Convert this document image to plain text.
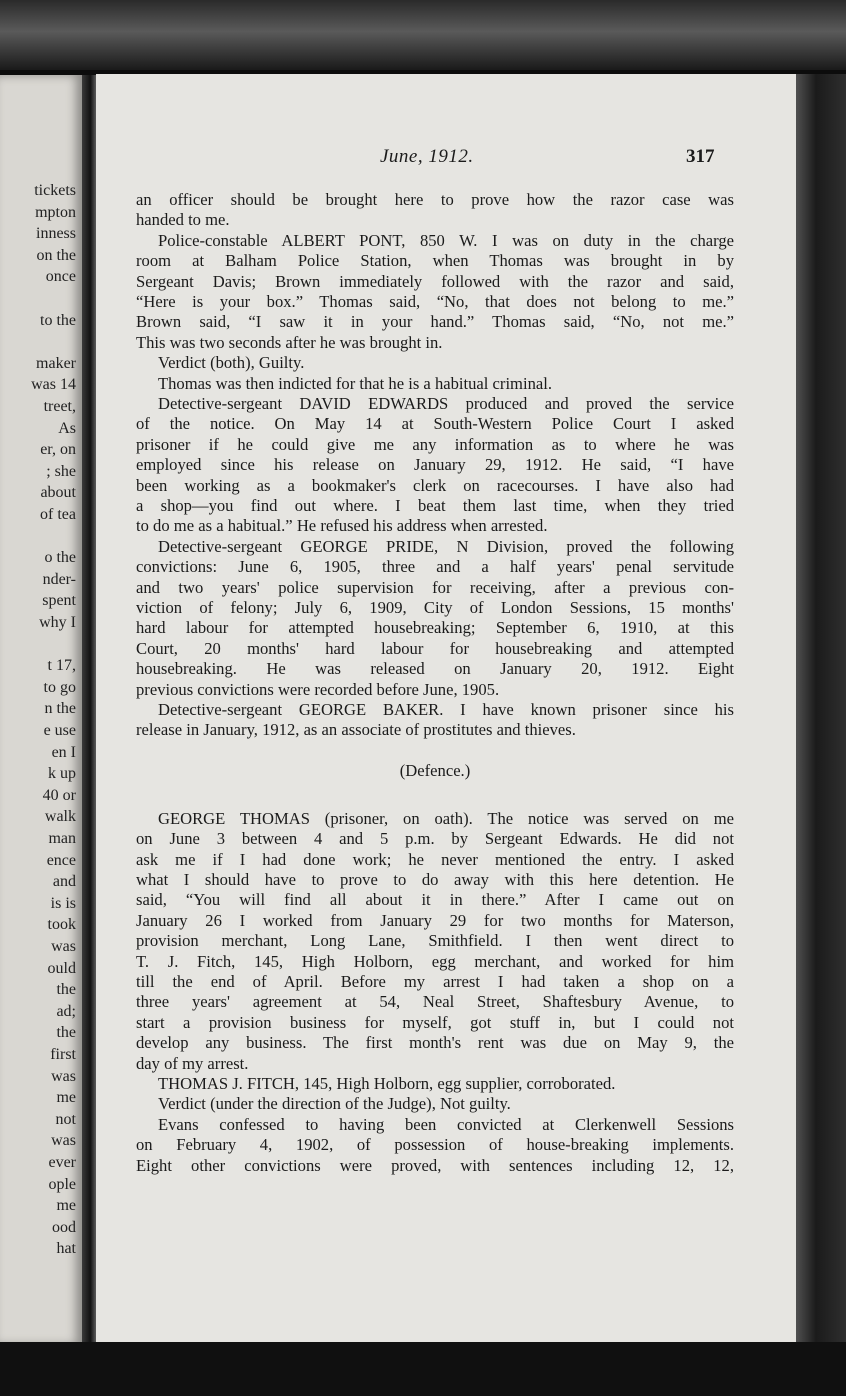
tickets
mpton
inness
on the
once
to the
maker
was 14
treet,
As
er, on
; she
about
of tea
o the
nder-
spent
why I
t 17,
to go
n the
e use
en I
k up
40 or
walk
man
ence
and
is is
took
was
ould
the
ad;
the
first
was
me
not
was
ever
ople
me
ood
hat
June, 1912.	317
an officer should be brought here to prove how the razor case was
handed to me.
Police-constable ALBERT PONT, 850 W. I was on duty in the charge
room at Balham Police Station, when Thomas was brought in by
Sergeant Davis; Brown immediately followed with the razor and said,
“Here is your box.” Thomas said, “No, that does not belong to me.”
Brown said, “I saw it in your hand.” Thomas said, “No, not me.”
This was two seconds after he was brought in.
Verdict (both), Guilty.
Thomas was then indicted for that he is a habitual criminal.
Detective-sergeant DAVID EDWARDS produced and proved the service
of the notice. On May 14 at South-Western Police Court I asked
prisoner if he could give me any information as to where he was
employed since his release on January 29, 1912. He said, “I have
been working as a bookmaker's clerk on racecourses. I have also had
a shop—you find out where. I beat them last time, when they tried
to do me as a habitual.” He refused his address when arrested.
Detective-sergeant GEORGE PRIDE, N Division, proved the following
convictions: June 6, 1905, three and a half years' penal servitude
and two years' police supervision for receiving, after a previous con-
viction of felony; July 6, 1909, City of London Sessions, 15 months'
hard labour for attempted housebreaking; September 6, 1910, at this
Court, 20 months' hard labour for housebreaking and attempted
housebreaking. He was released on January 20, 1912. Eight
previous convictions were recorded before June, 1905.
Detective-sergeant GEORGE BAKER. I have known prisoner since his
release in January, 1912, as an associate of prostitutes and thieves.
(Defence.)
GEORGE THOMAS (prisoner, on oath). The notice was served on me
on June 3 between 4 and 5 p.m. by Sergeant Edwards. He did not
ask me if I had done work; he never mentioned the entry. I asked
what I should have to prove to do away with this here detention. He
said, “You will find all about it in there.” After I came out on
January 26 I worked from January 29 for two months for Materson,
provision merchant, Long Lane, Smithfield. I then went direct to
T. J. Fitch, 145, High Holborn, egg merchant, and worked for him
till the end of April. Before my arrest I had taken a shop on a
three years' agreement at 54, Neal Street, Shaftesbury Avenue, to
start a provision business for myself, got stuff in, but I could not
develop any business. The first month's rent was due on May 9, the
day of my arrest.
THOMAS J. FITCH, 145, High Holborn, egg supplier, corroborated.
Verdict (under the direction of the Judge), Not guilty.
Evans confessed to having been convicted at Clerkenwell Sessions
on February 4, 1902, of possession of house-breaking implements.
Eight other convictions were proved, with sentences including 12, 12,
